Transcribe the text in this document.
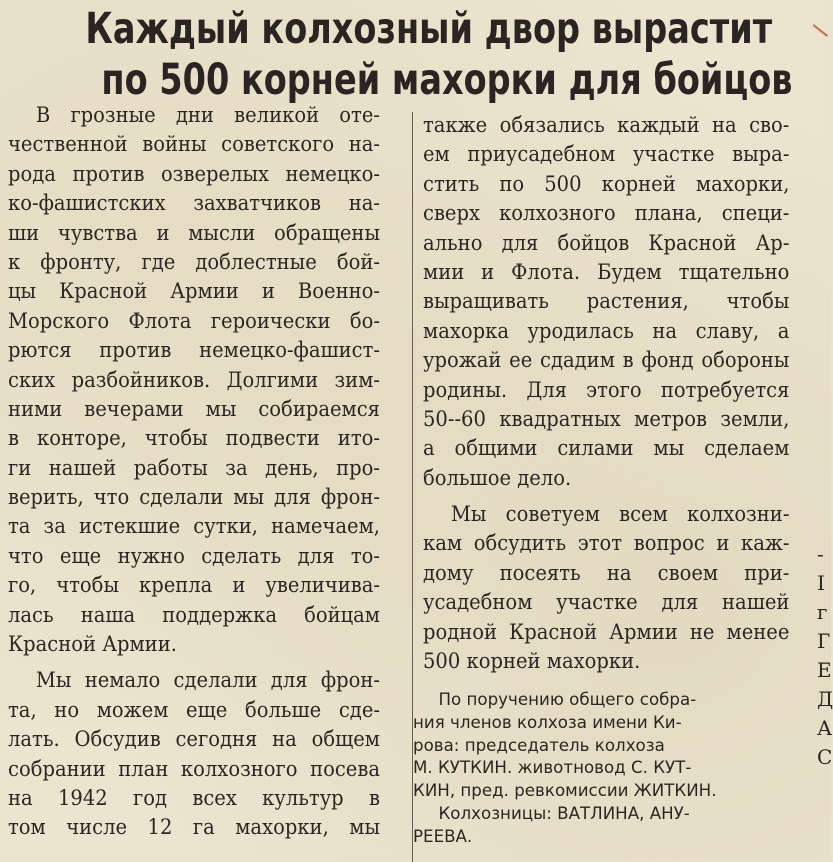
Каждый колхозный двор вырастит
по 500 корней махорки для бойцов
В грозные дни великой оте-
чественной войны советского на-
рода против озверелых немецко-
ко-фашистских захватчиков на-
ши чувства и мысли обращены
к фронту, где доблестные бой-
цы Красной Армии и Военно-
Морского Флота героически бо-
рются против немецко-фашист-
ских разбойников. Долгими зим-
ними вечерами мы собираемся
в конторе, чтобы подвести ито-
ги нашей работы за день, про-
верить, что сделали мы для фрон-
та за истекшие сутки, намечаем,
что еще нужно сделать для то-
го, чтобы крепла и увеличива-
лась наша поддержка бойцам
Красной Армии.
Мы немало сделали для фрон-
та, но можем еще больше сде-
лать. Обсудив сегодня на общем
собрании план колхозного посева
на 1942 год всех культур в
том числе 12 га махорки, мы
также обязались каждый на сво-
ем приусадебном участке выра-
стить по 500 корней махорки,
сверх колхозного плана, специ-
ально для бойцов Красной Ар-
мии и Флота. Будем тщательно
выращивать растения, чтобы
махорка уродилась на славу, а
урожай ее сдадим в фонд обороны
родины. Для этого потребуется
50--60 квадратных метров земли,
а общими силами мы сделаем
большое дело.
Мы советуем всем колхозни-
кам обсудить этот вопрос и каж-
дому посеять на своем при-
усадебном участке для нашей
родной Красной Армии не менее
500 корней махорки.
По поручению общего собра-
ния членов колхоза имени Ки-
рова: председатель колхоза
М. КУТКИН. животновод С. КУТ-
КИН, пред. ревкомиссии ЖИТКИН.
Колхозницы: ВАТЛИНА, АНУ-
РЕЕВА.
-
I
г
Г
Е
Д
А
С
